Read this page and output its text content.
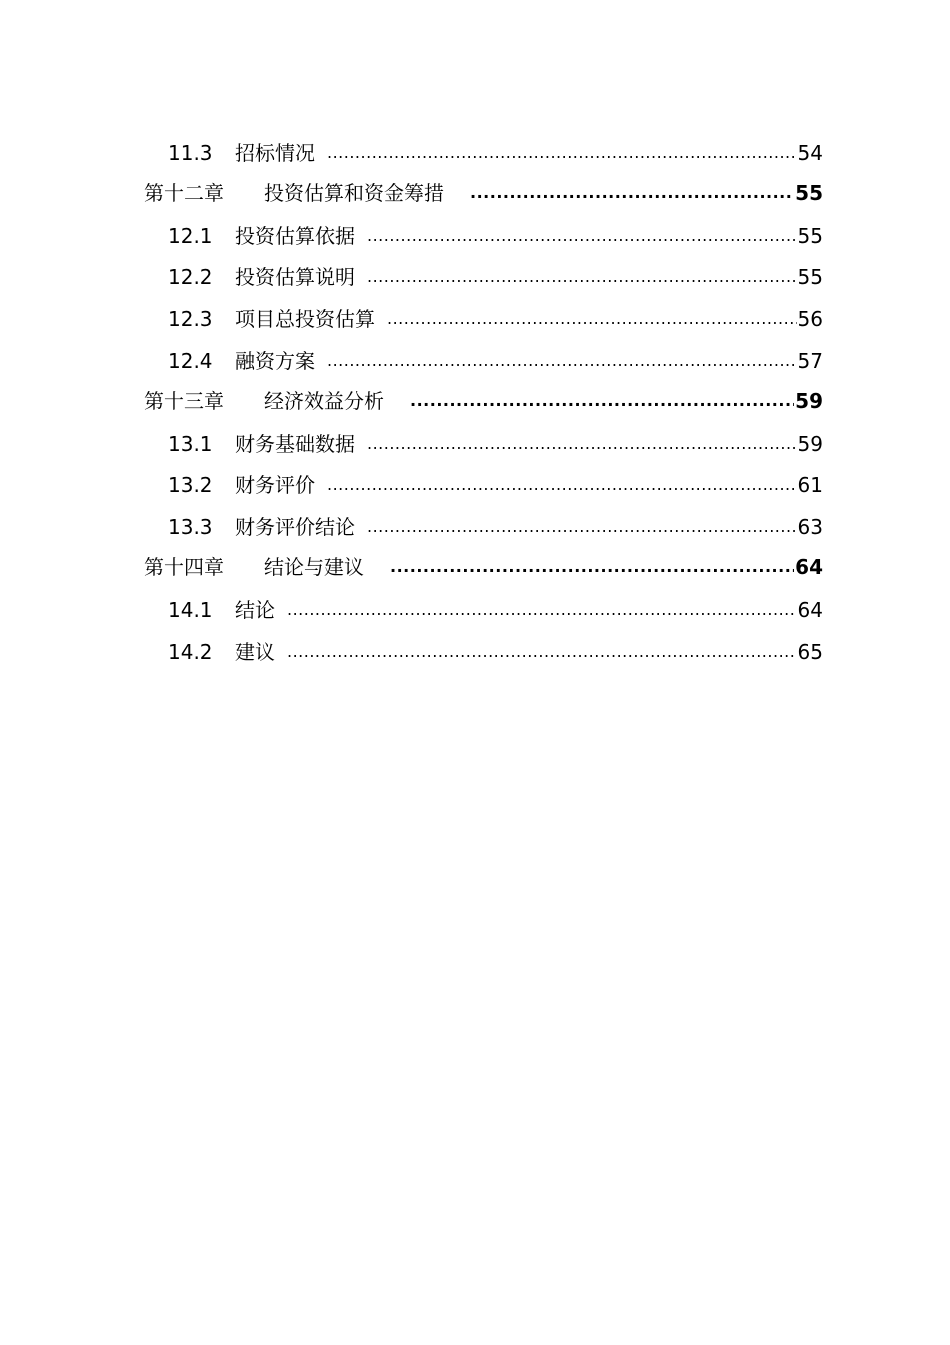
11.3	招标情况 .....	54
第十二章	投资估算和资金筹措 .....	55
12.1	投资估算依据 .....	55
12.2	投资估算说明 .....	55
12.3	项目总投资估算 .....	56
12.4	融资方案 .....	57
第十三章	经济效益分析 .....	59
13.1	财务基础数据 .....	59
13.2	财务评价 .....	61
13.3	财务评价结论 .....	63
第十四章	结论与建议 .....	64
14.1	结论 .....	64
14.2	建议 .....	65
